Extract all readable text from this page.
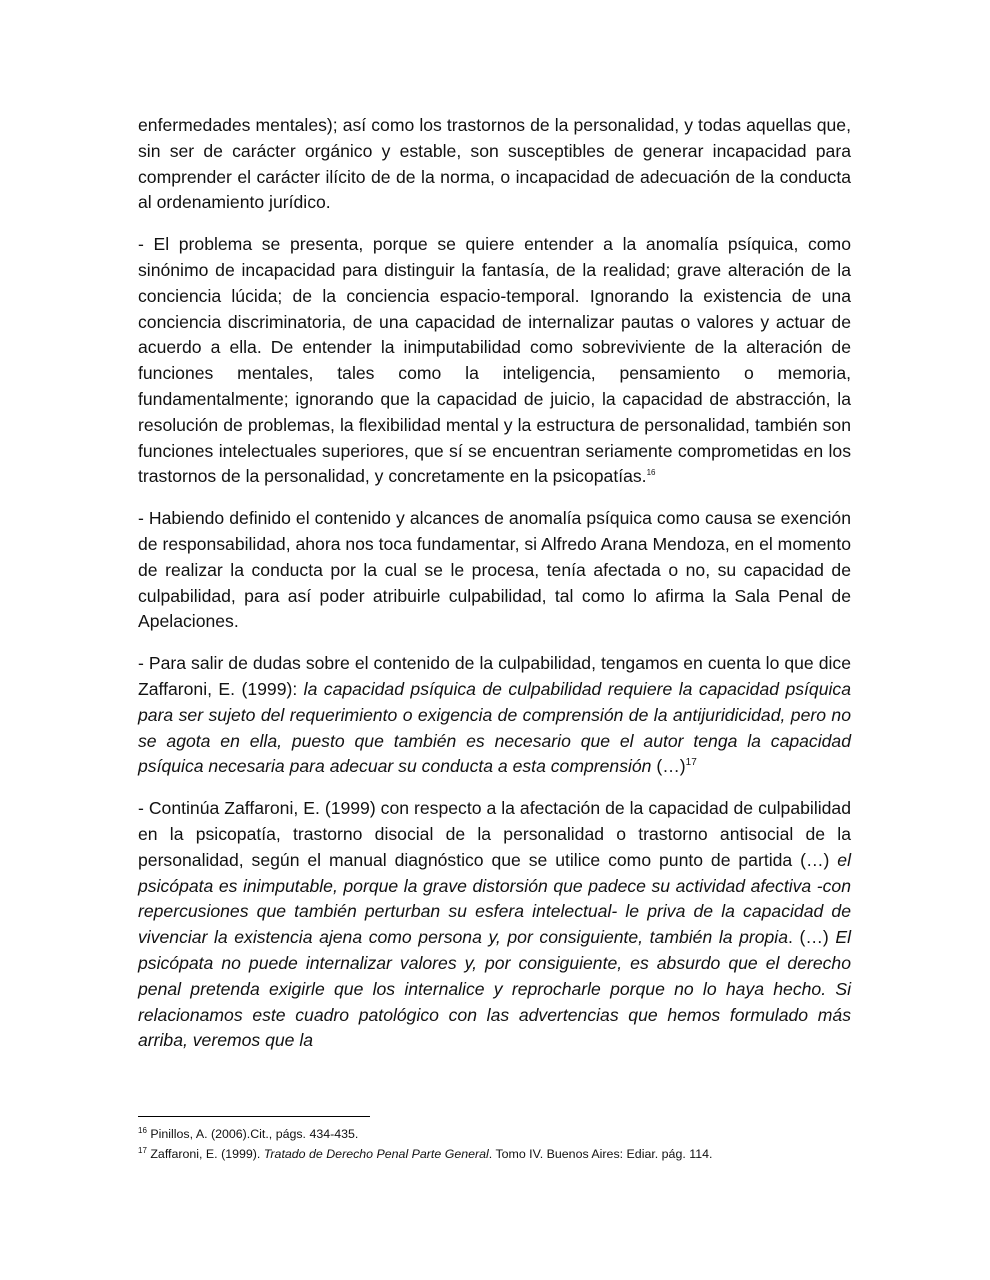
enfermedades mentales); así como los trastornos de la personalidad, y todas aquellas que, sin ser de carácter orgánico y estable, son susceptibles de generar incapacidad para comprender el carácter ilícito de de la norma, o incapacidad de adecuación de la conducta al ordenamiento jurídico.

- El problema se presenta, porque se quiere entender a la anomalía psíquica, como sinónimo de incapacidad para distinguir la fantasía, de la realidad; grave alteración de la conciencia lúcida; de la conciencia espacio-temporal. Ignorando la existencia de una conciencia discriminatoria, de una capacidad de internalizar pautas o valores y actuar de acuerdo a ella. De entender la inimputabilidad como sobreviviente de la alteración de funciones mentales, tales como la inteligencia, pensamiento o memoria, fundamentalmente; ignorando que la capacidad de juicio, la capacidad de abstracción, la resolución de problemas, la flexibilidad mental y la estructura de personalidad, también son funciones intelectuales superiores, que sí se encuentran seriamente comprometidas en los trastornos de la personalidad, y concretamente en la psicopatías.$^{16}$

- Habiendo definido el contenido y alcances de anomalía psíquica como causa se exención de responsabilidad, ahora nos toca fundamentar, si Alfredo Arana Mendoza, en el momento de realizar la conducta por la cual se le procesa, tenía afectada o no, su capacidad de culpabilidad, para así poder atribuirle culpabilidad, tal como lo afirma la Sala Penal de Apelaciones.

- Para salir de dudas sobre el contenido de la culpabilidad, tengamos en cuenta lo que dice Zaffaroni, E. (1999): la capacidad psíquica de culpabilidad requiere la capacidad psíquica para ser sujeto del requerimiento o exigencia de comprensión de la antijuridicidad, pero no se agota en ella, puesto que también es necesario que el autor tenga la capacidad psíquica necesaria para adecuar su conducta a esta comprensión (…)$^{17}$

- Continúa Zaffaroni, E. (1999) con respecto a la afectación de la capacidad de culpabilidad en la psicopatía, trastorno disocial de la personalidad o trastorno antisocial de la personalidad, según el manual diagnóstico que se utilice como punto de partida (…) el psicópata es inimputable, porque la grave distorsión que padece su actividad afectiva -con repercusiones que también perturban su esfera intelectual- le priva de la capacidad de vivenciar la existencia ajena como persona y, por consiguiente, también la propia. (…) El psicópata no puede internalizar valores y, por consiguiente, es absurdo que el derecho penal pretenda exigirle que los internalice y reprocharle porque no lo haya hecho. Si relacionamos este cuadro patológico con las advertencias que hemos formulado más arriba, veremos que la

$^{16}$ Pinillos, A. (2006).Cit., págs. 434-435.
$^{17}$ Zaffaroni, E. (1999). Tratado de Derecho Penal Parte General. Tomo IV. Buenos Aires: Ediar. pág. 114.
